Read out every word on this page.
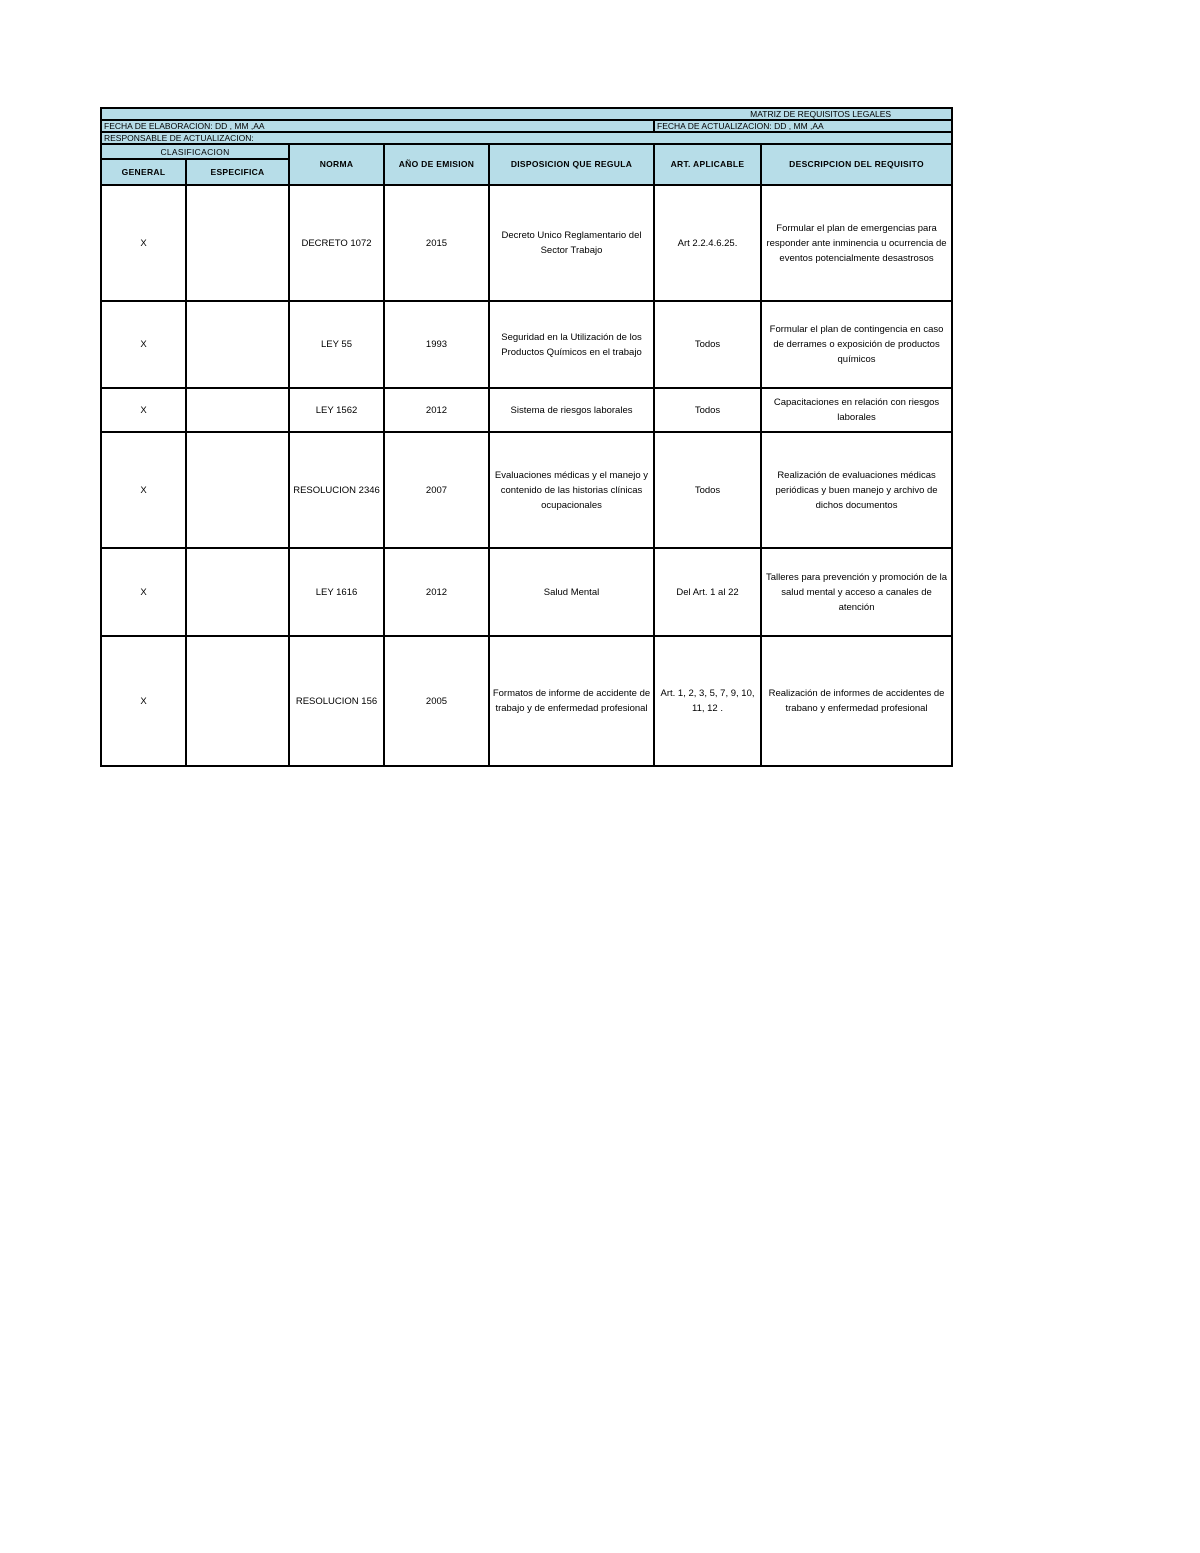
MATRIZ DE REQUISITOS LEGALES						
FECHA DE ELABORACION: DD , MM ,AA					FECHA DE ACTUALIZACION: DD , MM ,AA	
RESPONSABLE DE ACTUALIZACION:						
CLASIFICACION		NORMA	AÑO DE EMISION	DISPOSICION QUE REGULA	ART. APLICABLE	DESCRIPCION DEL REQUISITO
GENERAL	ESPECIFICA					
X		DECRETO 1072	2015	Decreto Unico Reglamentario del Sector Trabajo	Art 2.2.4.6.25.	Formular el plan de emergencias para responder ante inminencia u ocurrencia de eventos potencialmente desastrosos
X		LEY 55	1993	Seguridad en la Utilización de los Productos Químicos en el trabajo	Todos	Formular el plan de contingencia en caso de derrames o exposición de productos químicos
X		LEY 1562	2012	Sistema de riesgos laborales	Todos	Capacitaciones en relación con riesgos laborales
X		RESOLUCION 2346	2007	Evaluaciones médicas y el manejo y contenido de las historias clínicas ocupacionales	Todos	Realización de evaluaciones médicas periódicas y buen manejo y archivo de dichos documentos
X		LEY 1616	2012	Salud Mental	Del Art. 1 al 22	Talleres para prevención y promoción de la salud mental y acceso a canales de atención
X		RESOLUCION 156	2005	Formatos de informe de accidente de trabajo y de enfermedad profesional	Art. 1, 2, 3, 5, 7, 9, 10, 11, 12 .	Realización de informes de accidentes de trabano y enfermedad profesional
